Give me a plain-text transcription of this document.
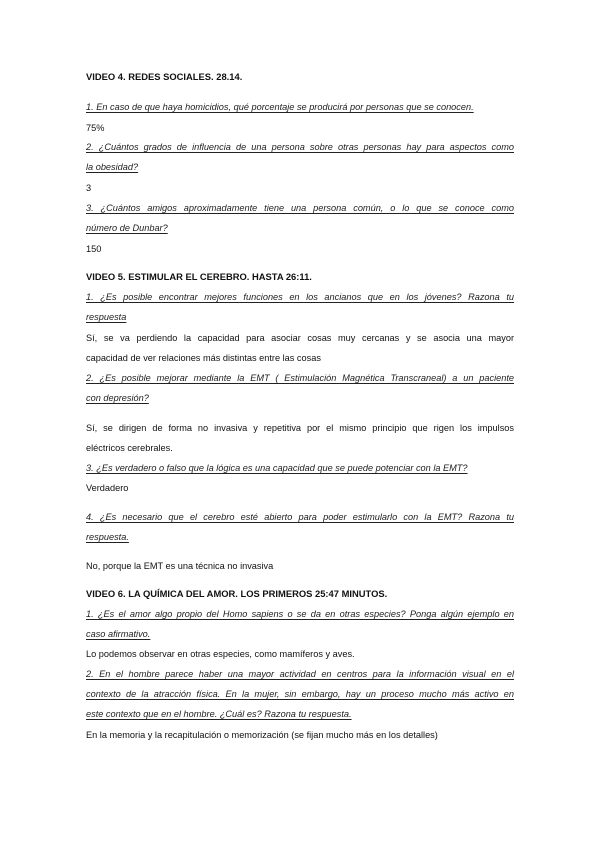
VIDEO 4. REDES SOCIALES. 28.14.
1. En caso de que haya homicidios, qué porcentaje se producirá por personas que se conocen.
75%
2. ¿Cuántos grados de influencia de una persona sobre otras personas hay para aspectos como
la obesidad?
3
3. ¿Cuántos amigos aproximadamente tiene una persona común, o lo que se conoce como
número de Dunbar?
150
VIDEO 5. ESTIMULAR EL CEREBRO. HASTA 26:11.
1. ¿Es posible encontrar mejores funciones en los ancianos que en los jóvenes? Razona tu
respuesta
Sí, se va perdiendo la capacidad para asociar cosas muy cercanas y se asocia una mayor
capacidad de ver relaciones más distintas entre las cosas
2. ¿Es posible mejorar mediante la EMT ( Estimulación Magnética Transcraneal) a un paciente
con depresión?
Sí, se dirigen de forma no invasiva y repetitiva por el mismo principio que rigen los impulsos
eléctricos cerebrales.
3. ¿Es verdadero o falso que la lógica es una capacidad que se puede potenciar con la EMT?
Verdadero
4. ¿Es necesario que el cerebro esté abierto para poder estimularlo con la EMT? Razona tu
respuesta.
No, porque la EMT es una técnica no invasiva
VIDEO 6. LA QUÍMICA DEL AMOR. LOS PRIMEROS 25:47 MINUTOS.
1. ¿Es el amor algo propio del Homo sapiens o se da en otras especies? Ponga algún ejemplo en
caso afirmativo.
Lo podemos observar en otras especies, como mamíferos y aves.
2. En el hombre parece haber una mayor actividad en centros para la información visual en el
contexto de la atracción física. En la mujer, sin embargo, hay un proceso mucho más activo en
este contexto que en el hombre. ¿Cuál es? Razona tu respuesta.
En la memoria y la recapitulación o memorización (se fijan mucho más en los detalles)
